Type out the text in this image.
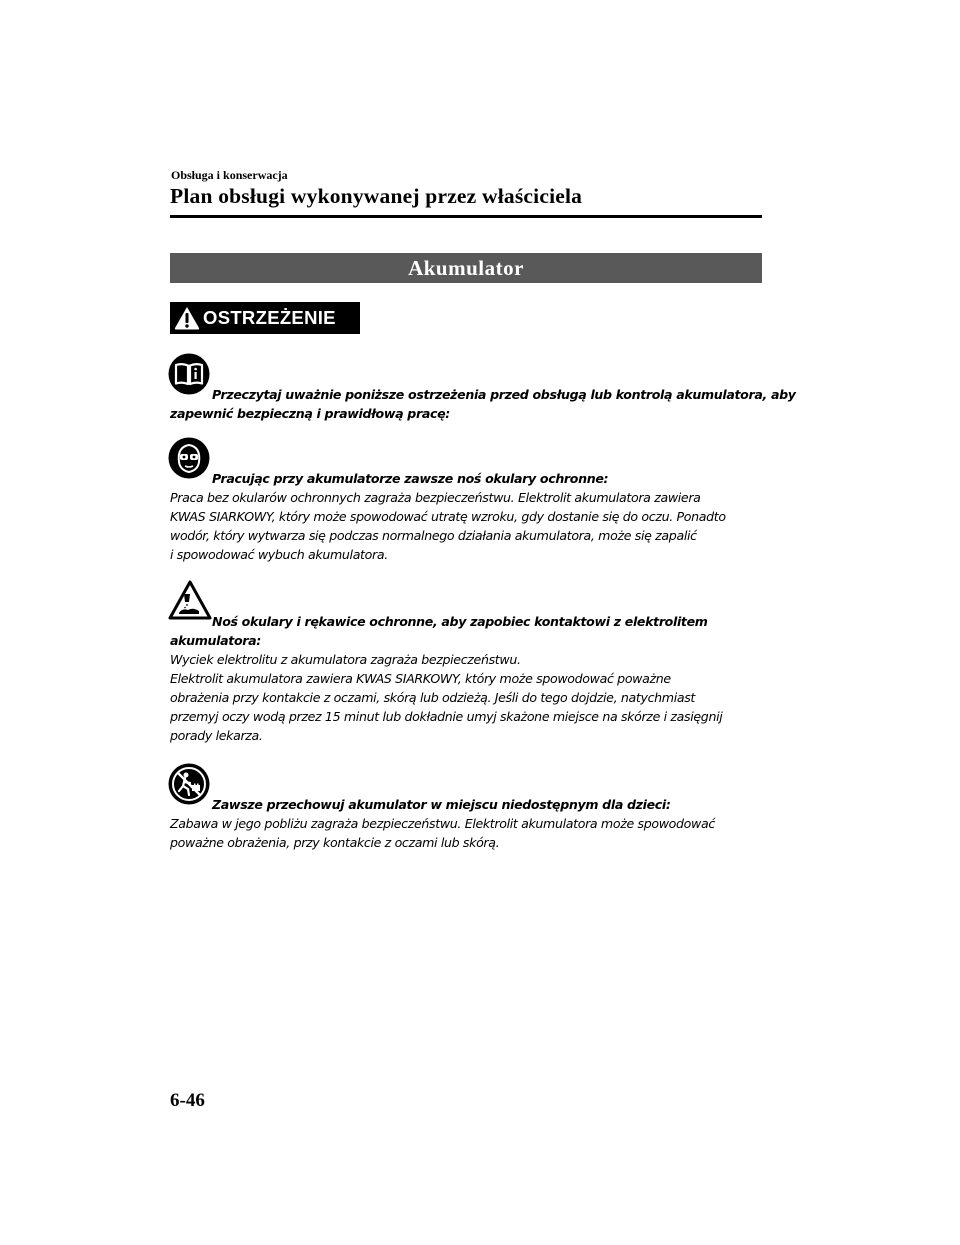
Obsługa i konserwacja
Plan obsługi wykonywanej przez właściciela
Akumulator
OSTRZEŻENIE
Przeczytaj uważnie poniższe ostrzeżenia przed obsługą lub kontrolą akumulatora, aby
zapewnić bezpieczną i prawidłową pracę:
Pracując przy akumulatorze zawsze noś okulary ochronne:
Praca bez okularów ochronnych zagraża bezpieczeństwu. Elektrolit akumulatora zawiera
KWAS SIARKOWY, który może spowodować utratę wzroku, gdy dostanie się do oczu. Ponadto
wodór, który wytwarza się podczas normalnego działania akumulatora, może się zapalić
i spowodować wybuch akumulatora.
Noś okulary i rękawice ochronne, aby zapobiec kontaktowi z elektrolitem
akumulatora:
Wyciek elektrolitu z akumulatora zagraża bezpieczeństwu.
Elektrolit akumulatora zawiera KWAS SIARKOWY, który może spowodować poważne
obrażenia przy kontakcie z oczami, skórą lub odzieżą. Jeśli do tego dojdzie, natychmiast
przemyj oczy wodą przez 15 minut lub dokładnie umyj skażone miejsce na skórze i zasięgnij
porady lekarza.
Zawsze przechowuj akumulator w miejscu niedostępnym dla dzieci:
Zabawa w jego pobliżu zagraża bezpieczeństwu. Elektrolit akumulatora może spowodować
poważne obrażenia, przy kontakcie z oczami lub skórą.
6-46
